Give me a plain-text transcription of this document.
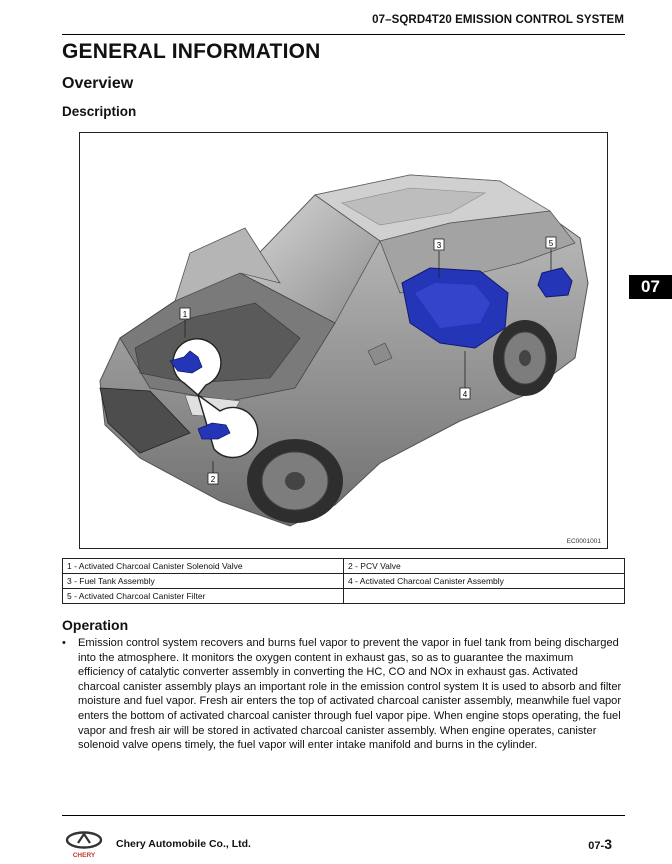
07–SQRD4T20 EMISSION CONTROL SYSTEM
GENERAL INFORMATION
Overview
Description
1
2
3
4
5
EC0001001
07
1 - Activated Charcoal Canister Solenoid Valve	2 - PCV Valve
3 - Fuel Tank Assembly	4 - Activated Charcoal Canister Assembly
5 - Activated Charcoal Canister Filter	
Operation
• Emission control system recovers and burns fuel vapor to prevent the vapor in fuel tank from being discharged into the atmosphere. It monitors the oxygen content in exhaust gas, so as to guarantee the maximum efficiency of catalytic converter assembly in converting the HC, CO and NOx in exhaust gas. Activated charcoal canister assembly plays an important role in the emission control system It is used to absorb and filter moisture and fuel vapor. Fresh air enters the top of activated charcoal canister assembly, meanwhile fuel vapor enters the bottom of activated charcoal canister through fuel vapor pipe. When engine stops operating, the fuel vapor and fresh air will be stored in activated charcoal canister assembly. When engine operates, canister solenoid valve opens timely, the fuel vapor will enter intake manifold and burns in the cylinder.
CHERY
Chery Automobile Co., Ltd.	07-3
